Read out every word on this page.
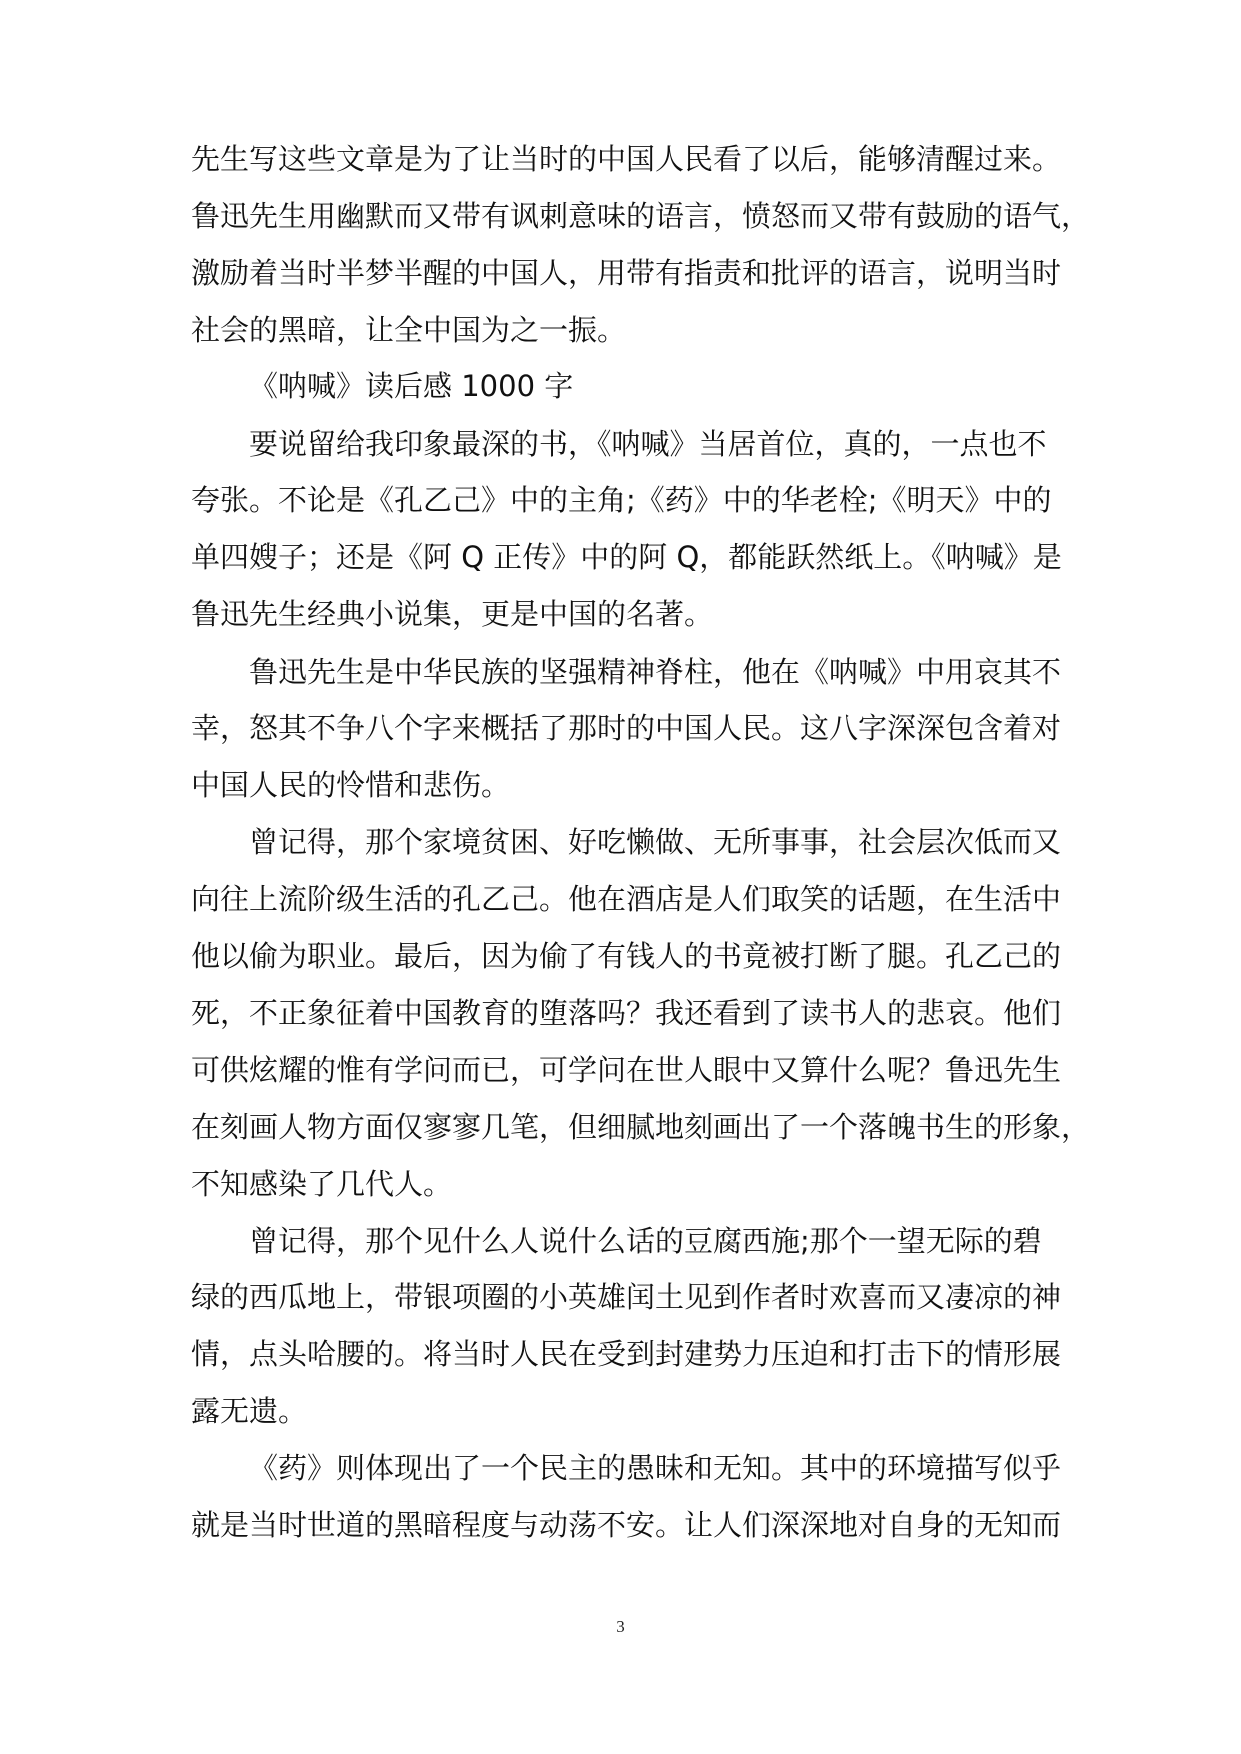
先生写这些文章是为了让当时的中国人民看了以后，能够清醒过来。
鲁迅先生用幽默而又带有讽刺意味的语言，愤怒而又带有鼓励的语气，
激励着当时半梦半醒的中国人，用带有指责和批评的语言，说明当时
社会的黑暗，让全中国为之一振。
《呐喊》读后感 1000 字
要说留给我印象最深的书，《呐喊》当居首位，真的，一点也不
夸张。不论是《孔乙己》中的主角;《药》中的华老栓;《明天》中的
单四嫂子；还是《阿 Q 正传》中的阿 Q，都能跃然纸上。《呐喊》是
鲁迅先生经典小说集，更是中国的名著。
鲁迅先生是中华民族的坚强精神脊柱，他在《呐喊》中用哀其不
幸，怒其不争八个字来概括了那时的中国人民。这八字深深包含着对
中国人民的怜惜和悲伤。
曾记得，那个家境贫困、好吃懒做、无所事事，社会层次低而又
向往上流阶级生活的孔乙己。他在酒店是人们取笑的话题，在生活中
他以偷为职业。最后，因为偷了有钱人的书竟被打断了腿。孔乙己的
死，不正象征着中国教育的堕落吗？我还看到了读书人的悲哀。他们
可供炫耀的惟有学问而已，可学问在世人眼中又算什么呢？鲁迅先生
在刻画人物方面仅寥寥几笔，但细腻地刻画出了一个落魄书生的形象，
不知感染了几代人。
曾记得，那个见什么人说什么话的豆腐西施;那个一望无际的碧
绿的西瓜地上，带银项圈的小英雄闰土见到作者时欢喜而又凄凉的神
情，点头哈腰的。将当时人民在受到封建势力压迫和打击下的情形展
露无遗。
《药》则体现出了一个民主的愚昧和无知。其中的环境描写似乎
就是当时世道的黑暗程度与动荡不安。让人们深深地对自身的无知而
3
